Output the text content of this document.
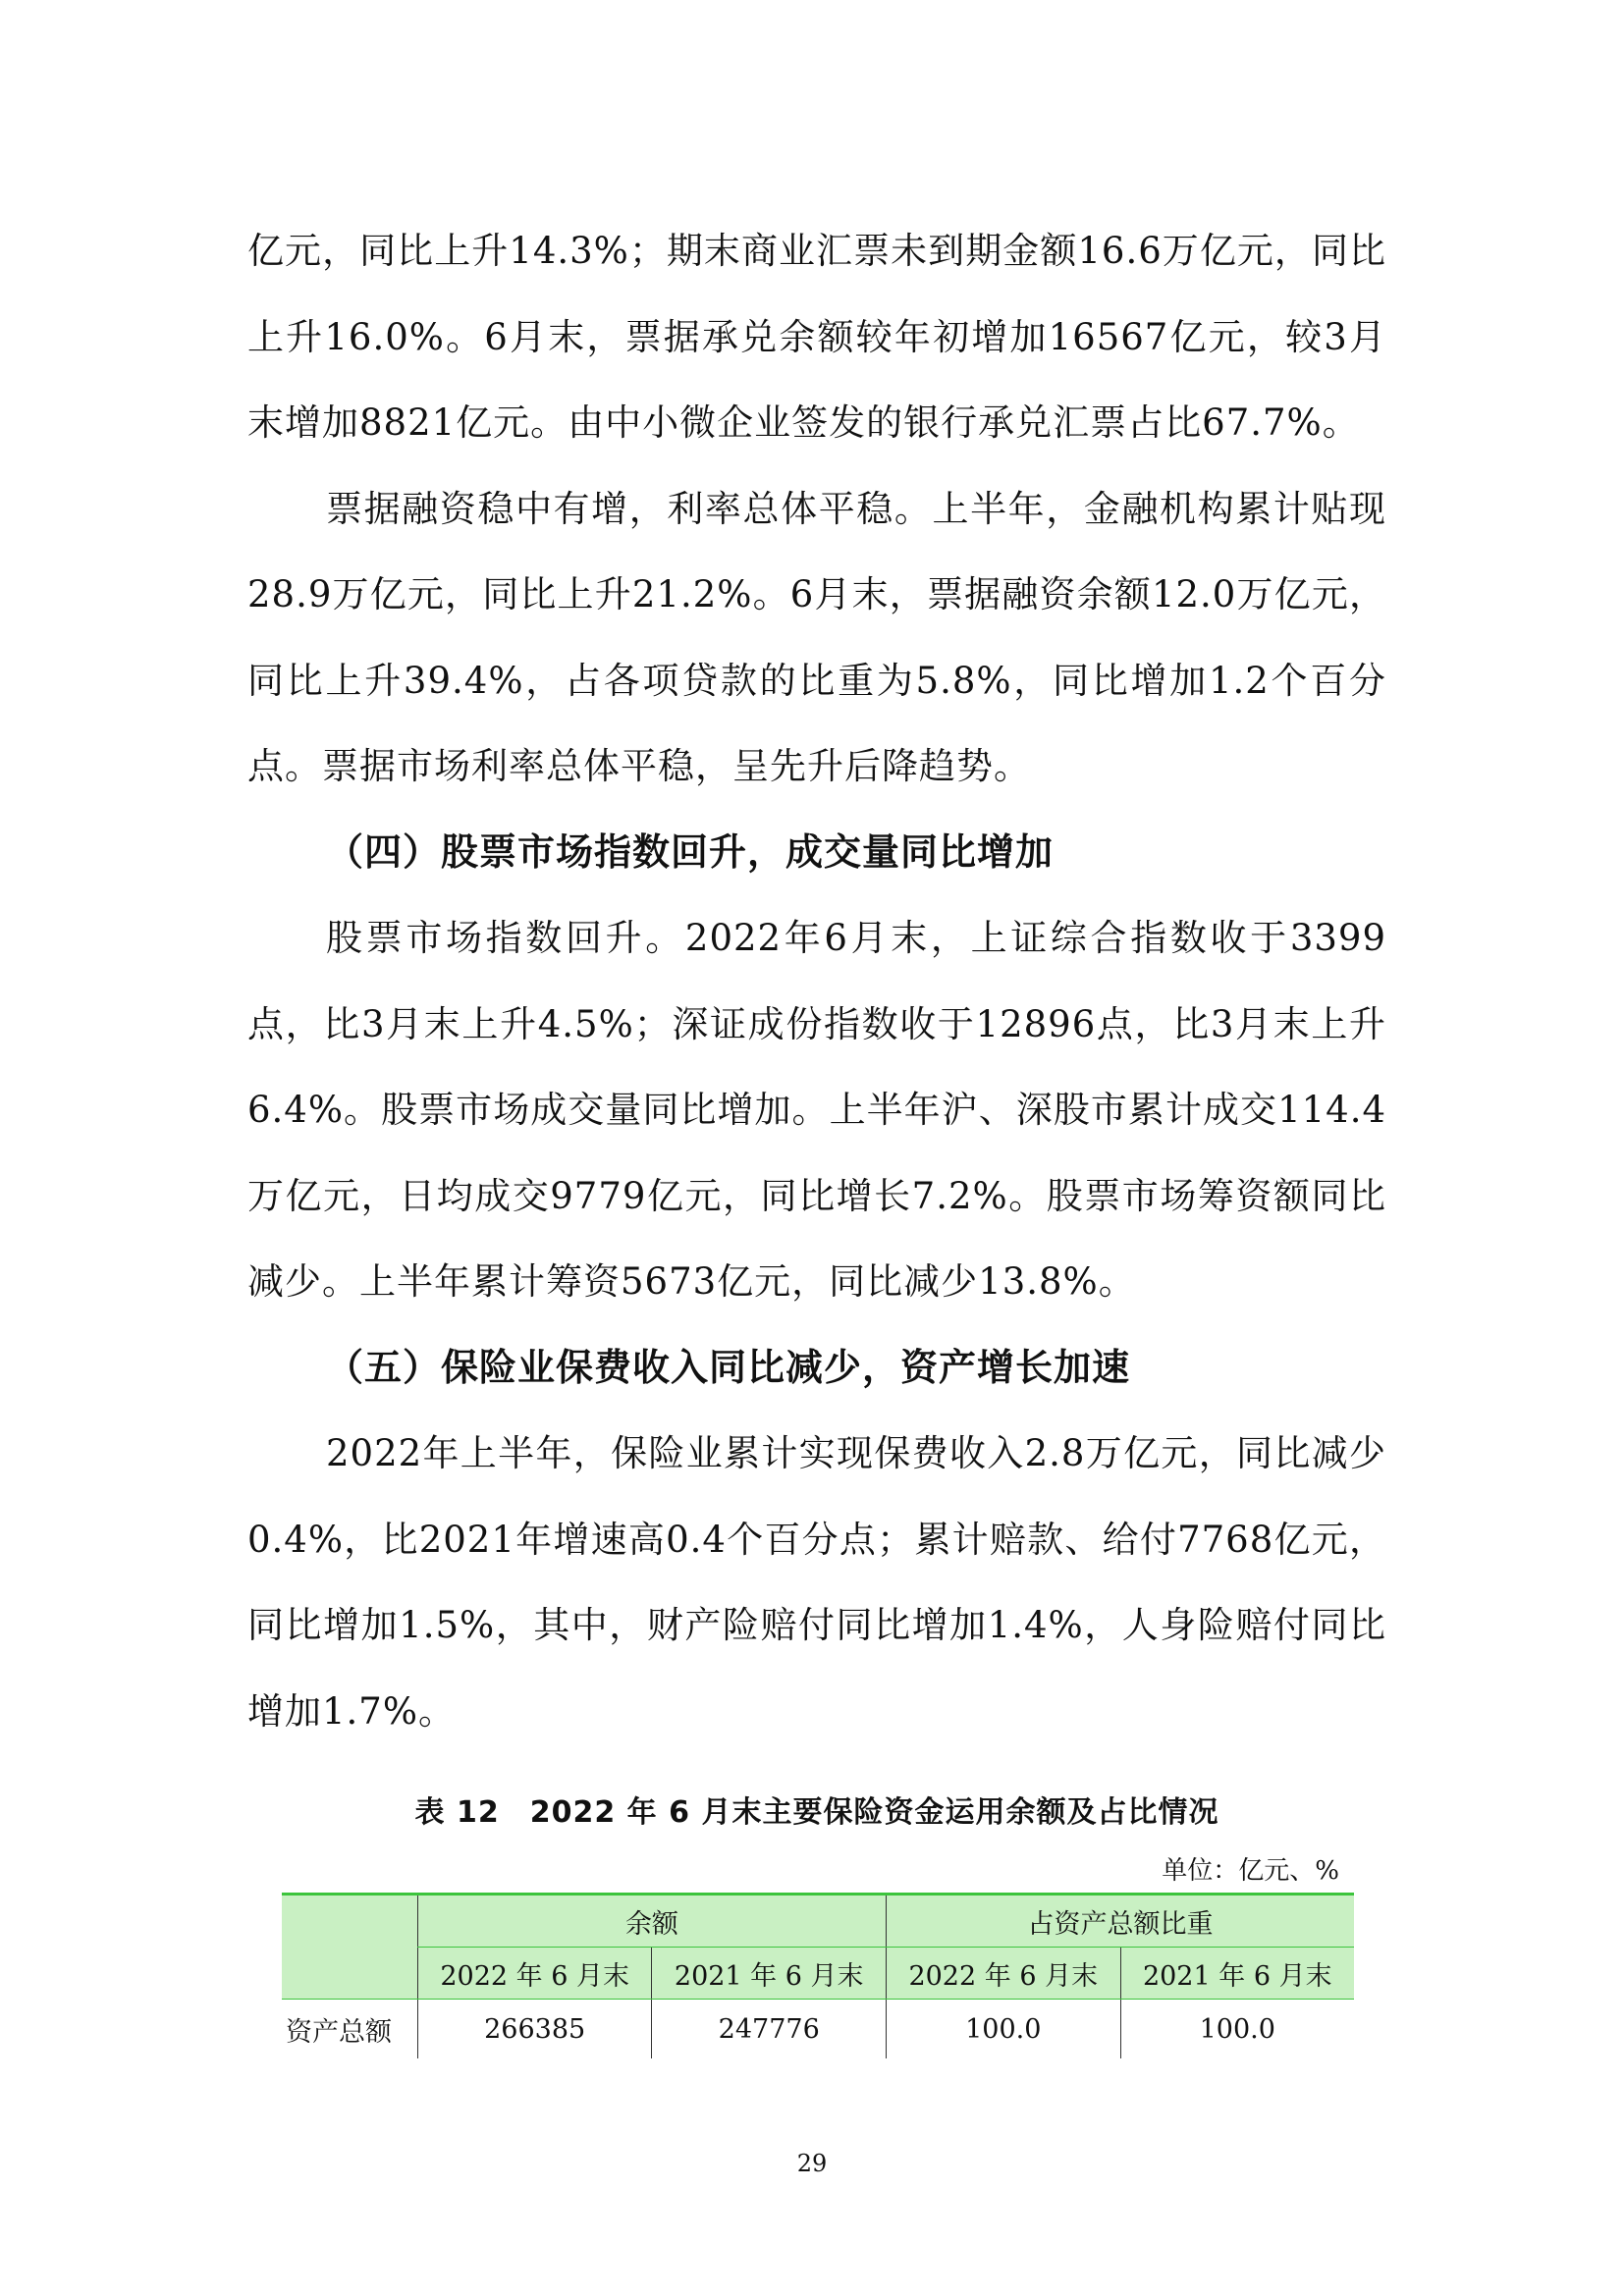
亿元，同比上升14.3%；期末商业汇票未到期金额16.6万亿元，同比上升16.0%。6月末，票据承兑余额较年初增加16567亿元，较3月末增加8821亿元。由中小微企业签发的银行承兑汇票占比67.7%。

票据融资稳中有增，利率总体平稳。上半年，金融机构累计贴现28.9万亿元，同比上升21.2%。6月末，票据融资余额12.0万亿元，同比上升39.4%，占各项贷款的比重为5.8%，同比增加1.2个百分点。票据市场利率总体平稳，呈先升后降趋势。

（四）股票市场指数回升，成交量同比增加

股票市场指数回升。2022年6月末，上证综合指数收于3399点，比3月末上升4.5%；深证成份指数收于12896点，比3月末上升6.4%。股票市场成交量同比增加。上半年沪、深股市累计成交114.4万亿元，日均成交9779亿元，同比增长7.2%。股票市场筹资额同比减少。上半年累计筹资5673亿元，同比减少13.8%。

（五）保险业保费收入同比减少，资产增长加速

2022年上半年，保险业累计实现保费收入2.8万亿元，同比减少0.4%，比2021年增速高0.4个百分点；累计赔款、给付7768亿元，同比增加1.5%，其中，财产险赔付同比增加1.4%，人身险赔付同比增加1.7%。

表 12　2022 年 6 月末主要保险资金运用余额及占比情况
单位：亿元、%
	余额		占资产总额比重	
	2022 年 6 月末	2021 年 6 月末	2022 年 6 月末	2021 年 6 月末
资产总额	266385	247776	100.0	100.0
29
